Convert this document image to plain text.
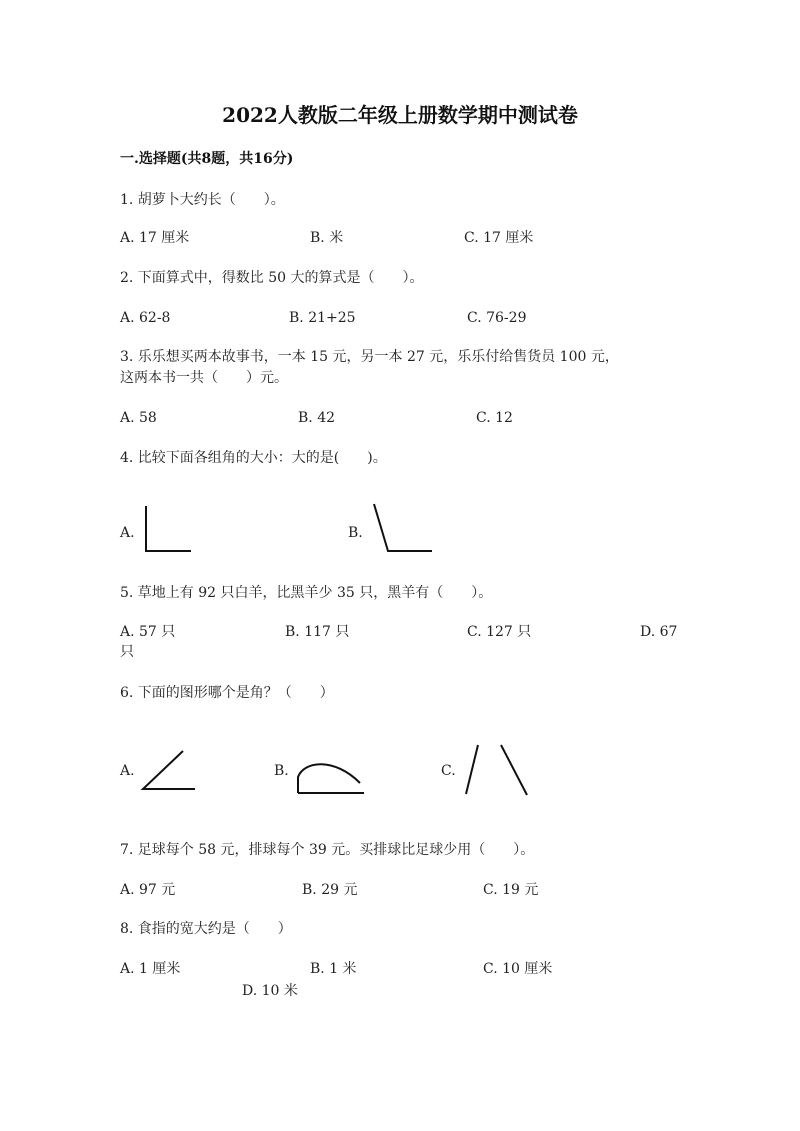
2022人教版二年级上册数学期中测试卷
一.选择题(共8题，共16分)
1. 胡萝卜大约长（　　）。
A. 17 厘米	B. 米	C. 17 厘米
2. 下面算式中，得数比 50 大的算式是（　　）。
A. 62-8	B. 21+25	C. 76-29
3. 乐乐想买两本故事书，一本 15 元，另一本 27 元，乐乐付给售货员 100 元，
这两本书一共（　　）元。
A. 58	B. 42	C. 12
4. 比较下面各组角的大小：大的是(　　)。
A.	B.
5. 草地上有 92 只白羊，比黑羊少 35 只，黑羊有（　　）。
A. 57 只	B. 117 只	C. 127 只	D. 67
只
6. 下面的图形哪个是角？（　　）
A.	B.	C.
7. 足球每个 58 元，排球每个 39 元。买排球比足球少用（　　）。
A. 97 元	B. 29 元	C. 19 元
8. 食指的宽大约是（　　）
A. 1 厘米	B. 1 米	C. 10 厘米
D. 10 米
